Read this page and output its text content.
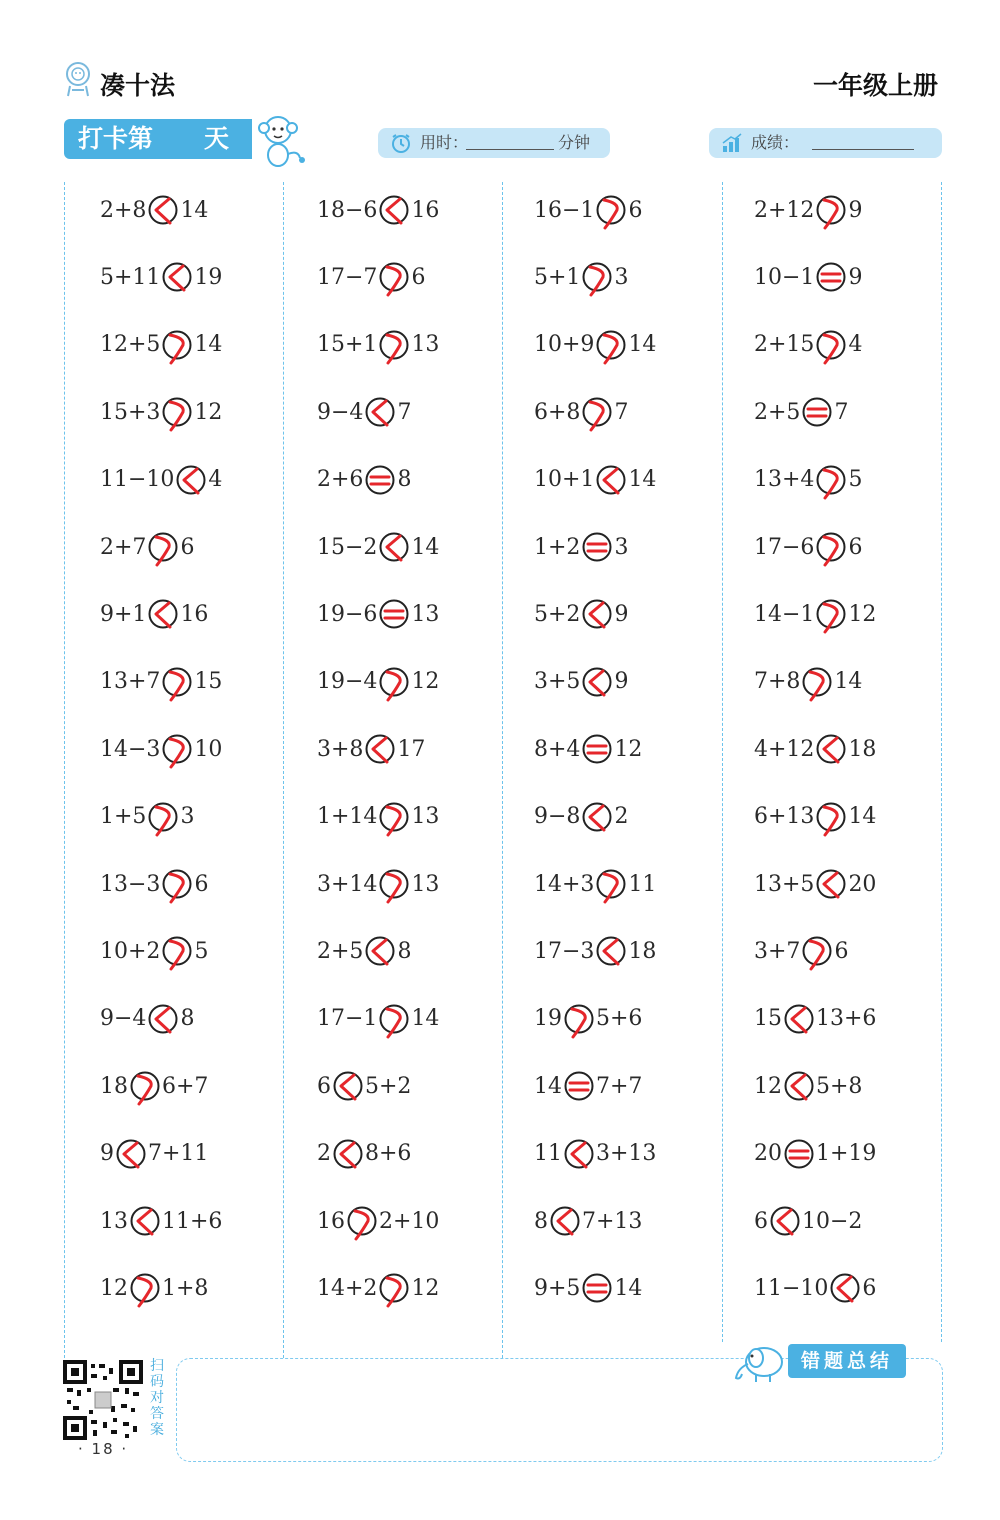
凑十法	一年级上册
打卡第 天	用时：	分钟	成绩：
2+8 14
5+11 19
12+5 14
15+3 12
11−10 4
2+7 6
9+1 16
13+7 15
14−3 10
1+5 3
13−3 6
10+2 5
9−4 8
18 6+7
9 7+11
13 11+6
12 1+8
18−6 16
17−7 6
15+1 13
9−4 7
2+6 8
15−2 14
19−6 13
19−4 12
3+8 17
1+14 13
3+14 13
2+5 8
17−1 14
6 5+2
2 8+6
16 2+10
14+2 12
16−1 6
5+1 3
10+9 14
6+8 7
10+1 14
1+2 3
5+2 9
3+5 9
8+4 12
9−8 2
14+3 11
17−3 18
19 5+6
14 7+7
11 3+13
8 7+13
9+5 14
2+12 9
10−1 9
2+15 4
2+5 7
13+4 5
17−6 6
14−1 12
7+8 14
4+12 18
6+13 14
13+5 20
3+7 6
15 13+6
12 5+8
20 1+19
6 10−2
11−10 6
错题总结
扫码对答案
· 18 ·
